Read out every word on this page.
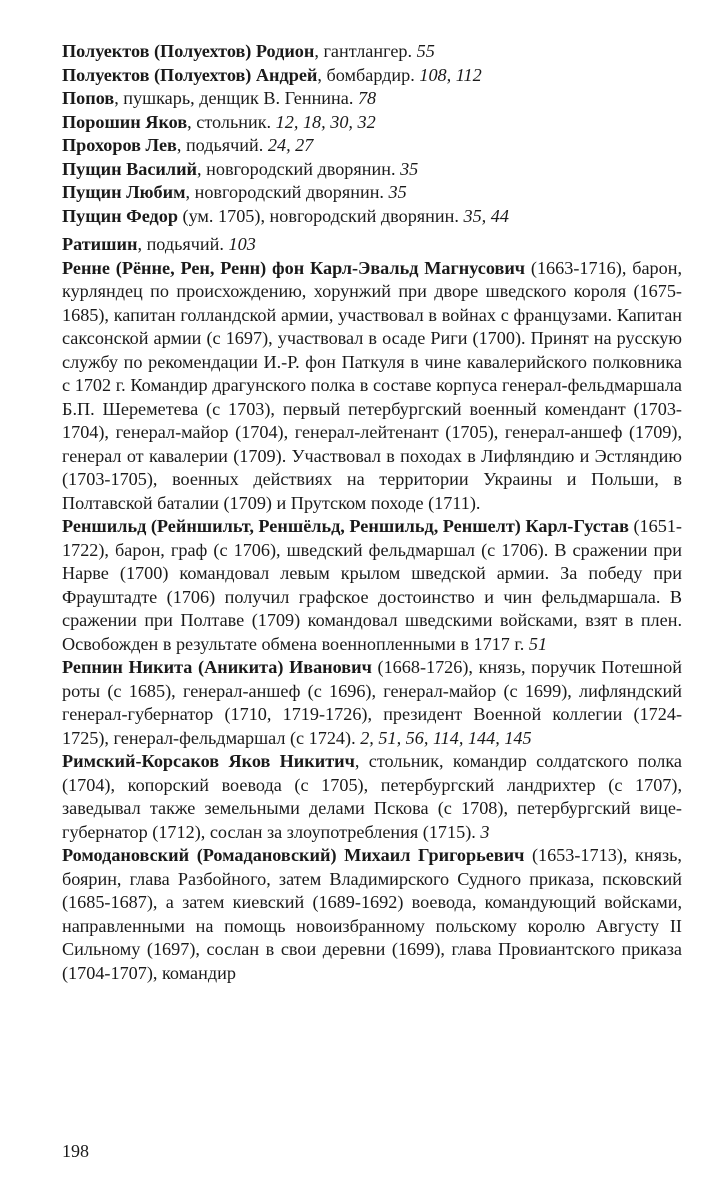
Полуектов (Полуехтов) Родион, гантлангер. 55

Полуектов (Полуехтов) Андрей, бомбардир. 108, 112

Попов, пушкарь, денщик В. Геннина. 78

Порошин Яков, стольник. 12, 18, 30, 32

Прохоров Лев, подьячий. 24, 27

Пущин Василий, новгородский дворянин. 35

Пущин Любим, новгородский дворянин. 35

Пущин Федор (ум. 1705), новгородский дворянин. 35, 44

Ратишин, подьячий. 103

Ренне (Рённе, Рен, Ренн) фон Карл-Эвальд Магнусович (1663-1716), барон, курляндец по происхождению, хорунжий при дворе шведского короля (1675-1685), капитан голландской армии, участвовал в войнах с французами. Капитан саксонской армии (с 1697), участвовал в осаде Риги (1700). Принят на русскую службу по рекомендации И.-Р. фон Паткуля в чине кавалерийского полковника с 1702 г. Командир драгунского полка в составе корпуса генерал-фельдмаршала Б.П. Шереметева (с 1703), первый петербургский военный комендант (1703-1704), генерал-майор (1704), генерал-лейтенант (1705), генерал-аншеф (1709), генерал от кавалерии (1709). Участвовал в походах в Лифляндию и Эстляндию (1703-1705), военных действиях на территории Украины и Польши, в Полтавской баталии (1709) и Прутском походе (1711).

Реншильд (Рейншильт, Реншёльд, Реншильд, Реншелт) Карл-Густав (1651-1722), барон, граф (с 1706), шведский фельдмаршал (с 1706). В сражении при Нарве (1700) командовал левым крылом шведской армии. За победу при Фрауштадте (1706) получил графское достоинство и чин фельдмаршала. В сражении при Полтаве (1709) командовал шведскими войсками, взят в плен. Освобожден в результате обмена военнопленными в 1717 г. 51

Репнин Никита (Аникита) Иванович (1668-1726), князь, поручик Потешной роты (с 1685), генерал-аншеф (с 1696), генерал-майор (с 1699), лифляндский генерал-губернатор (1710, 1719-1726), президент Военной коллегии (1724-1725), генерал-фельдмаршал (с 1724). 2, 51, 56, 114, 144, 145

Римский-Корсаков Яков Никитич, стольник, командир солдатского полка (1704), копорский воевода (с 1705), петербургский ландрихтер (с 1707), заведывал также земельными делами Пскова (с 1708), петербургский вице-губернатор (1712), сослан за злоупотребления (1715). 3

Ромодановский (Ромадановский) Михаил Григорьевич (1653-1713), князь, боярин, глава Разбойного, затем Владимирского Судного приказа, псковский (1685-1687), а затем киевский (1689-1692) воевода, командующий войсками, направленными на помощь новоизбранному польскому королю Августу II Сильному (1697), сослан в свои деревни (1699), глава Провиантского приказа (1704-1707), командир

198
